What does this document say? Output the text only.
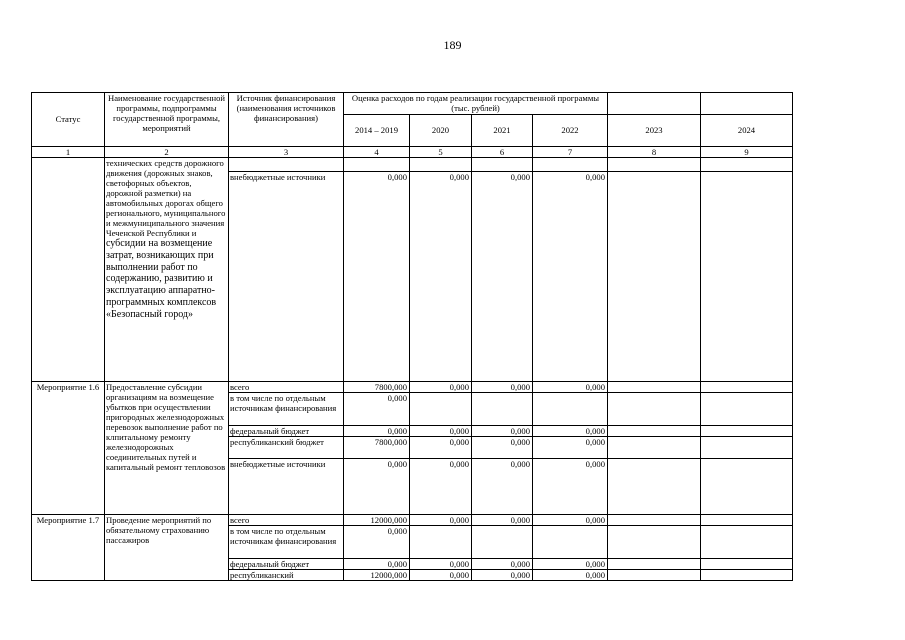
189
Статус	Наименование государственной программы, подпрограммы государственной программы, мероприятий	Источник финансирования (наименования источников финансирования)	Оценка расходов по годам реализации государственной программы (тыс. рублей)					
			2014 – 2019	2020	2021	2022	2023	2024
1	2	3	4	5	6	7	8	9
	технических средств дорожного движения (дорожных знаков, светофорных объектов, дорожной разметки) на автомобильных дорогах общего регионального, муниципального и межмуниципального значения Чеченской Республики и субсидии на возмещение затрат, возникающих при выполнении работ по содержанию, развитию и эксплуатацию аппаратно-программных комплексов «Безопасный город»							
		внебюджетные источники	0,000	0,000	0,000	0,000		
Мероприятие 1.6	Предоставление субсидии организациям на возмещение убытков при осуществлении пригородных железнодорожных перевозок выполнение работ по клпитальному ремонту железнодорожных соединительных путей и капитальный ремонт тепловозов	всего	7800,000	0,000	0,000	0,000		
		в том числе по отдельным источникам финансирования	0,000					
		федеральный бюджет	0,000	0,000	0,000	0,000		
		республиканский бюджет	7800,000	0,000	0,000	0,000		
		внебюджетные источники	0,000	0,000	0,000	0,000		
Мероприятие 1.7	Проведение мероприятий по обязательному страхованию пассажиров	всего	12000,000	0,000	0,000	0,000		
		в том числе по отдельным источникам финансирования	0,000					
		федеральный бюджет	0,000	0,000	0,000	0,000		
		республиканский	12000,000	0,000	0,000	0,000		
